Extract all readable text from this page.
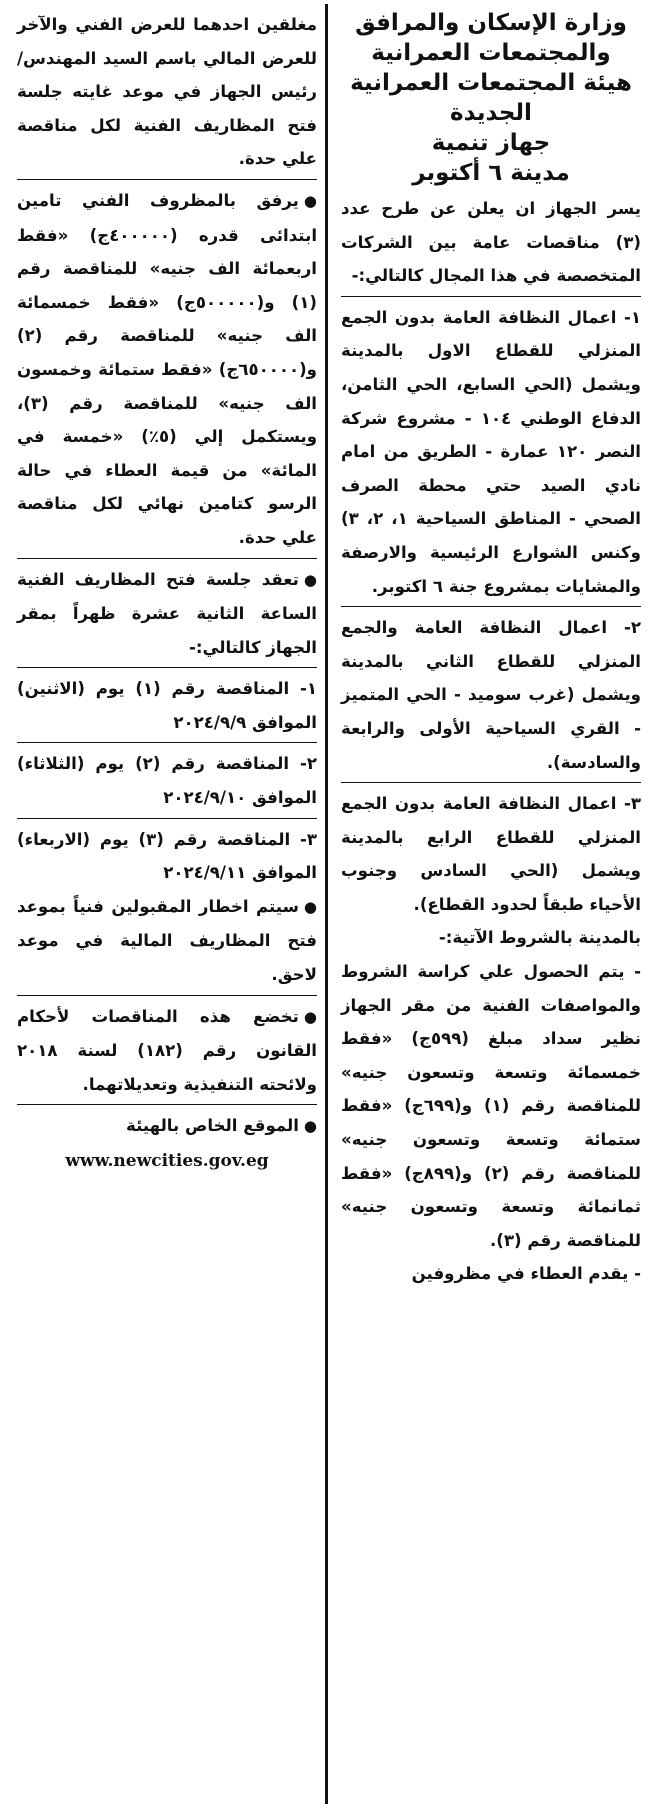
وزارة الإسكان والمرافق
والمجتمعات العمرانية
هيئة المجتمعات العمرانية
الجديدة
جهاز تنمية
مدينة ٦ أكتوبر

يسر الجهاز ان يعلن عن طرح عدد (٣) مناقصات عامة بين الشركات المتخصصة في هذا المجال كالتالي:-

١- اعمال النظافة العامة بدون الجمع المنزلي للقطاع الاول بالمدينة ويشمل (الحي السابع، الحي الثامن، الدفاع الوطني ١٠٤ - مشروع شركة النصر ١٢٠ عمارة - الطريق من امام نادي الصيد حتي محطة الصرف الصحي - المناطق السياحية ١، ٢، ٣) وكنس الشوارع الرئيسية والارصفة والمشايات بمشروع جنة ٦ اكتوبر.

٢- اعمال النظافة العامة والجمع المنزلي للقطاع الثاني بالمدينة ويشمل (غرب سوميد - الحي المتميز - القري السياحية الأولى والرابعة والسادسة).

٣- اعمال النظافة العامة بدون الجمع المنزلي للقطاع الرابع بالمدينة ويشمل (الحي السادس وجنوب الأحياء طبقاً لحدود القطاع).

بالمدينة بالشروط الآتية:-

- يتم الحصول علي كراسة الشروط والمواصفات الفنية من مقر الجهاز نظير سداد مبلغ (٥٩٩ج) «فقط خمسمائة وتسعة وتسعون جنيه» للمناقصة رقم (١) و(٦٩٩ج) «فقط ستمائة وتسعة وتسعون جنيه» للمناقصة رقم (٢) و(٨٩٩ج) «فقط ثمانمائة وتسعة وتسعون جنيه» للمناقصة رقم (٣).

- يقدم العطاء في مظروفين

مغلقين احدهما للعرض الفني والآخر للعرض المالي باسم السيد المهندس/ رئيس الجهاز في موعد غايته جلسة فتح المظاريف الفنية لكل مناقصة علي حدة.

● يرفق بالمظروف الفني تامين ابتدائى قدره (٤٠٠٠٠٠ج) «فقط اربعمائة الف جنيه» للمناقصة رقم (١) و(٥٠٠٠٠٠ج) «فقط خمسمائة الف جنيه» للمناقصة رقم (٢) و(٦٥٠٠٠٠ج) «فقط ستمائة وخمسون الف جنيه» للمناقصة رقم (٣)، ويستكمل إلي (٥٪) «خمسة في المائة» من قيمة العطاء في حالة الرسو كتامين نهائي لكل مناقصة علي حدة.

● تعقد جلسة فتح المظاريف الفنية الساعة الثانية عشرة ظهراً بمقر الجهاز كالتالي:-

١- المناقصة رقم (١) يوم (الاثنين) الموافق ٢٠٢٤/٩/٩

٢- المناقصة رقم (٢) يوم (الثلاثاء) الموافق ٢٠٢٤/٩/١٠

٣- المناقصة رقم (٣) يوم (الاربعاء) الموافق ٢٠٢٤/٩/١١

● سيتم اخطار المقبولين فنياً بموعد فتح المظاريف المالية في موعد لاحق.

● تخضع هذه المناقصات لأحكام القانون رقم (١٨٢) لسنة ٢٠١٨ ولائحته التنفيذية وتعديلاتهما.

● الموقع الخاص بالهيئة

www.newcities.gov.eg
